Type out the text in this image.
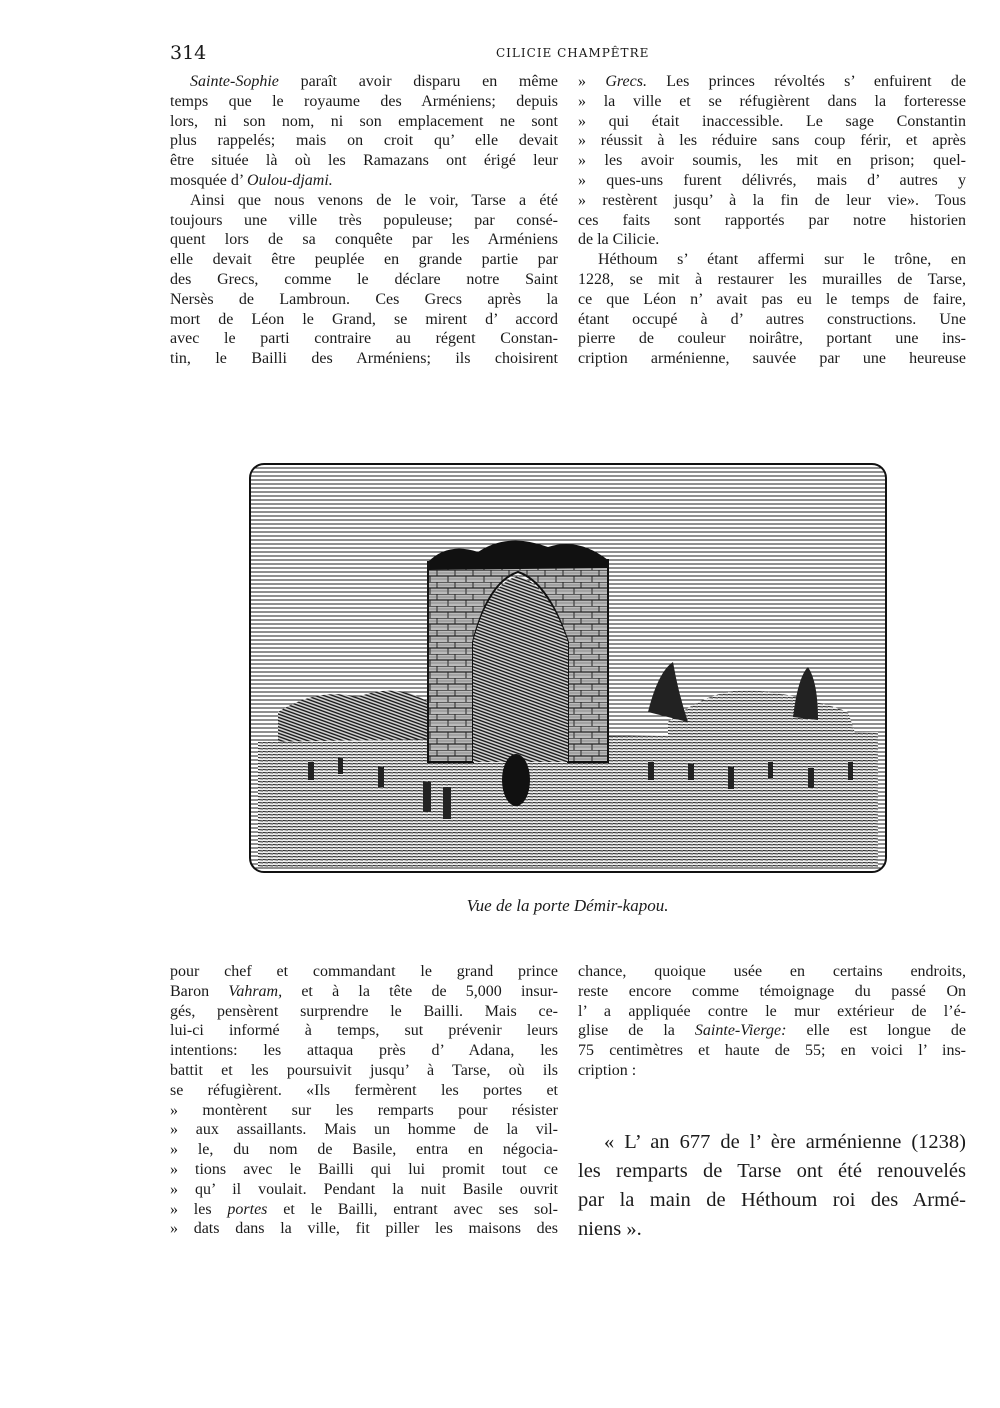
314	CILICIE CHAMPÊTRE
Sainte-Sophie paraît avoir disparu en même
temps que le royaume des Arméniens; depuis
lors, ni son nom, ni son emplacement ne sont
plus rappelés; mais on croit qu’ elle devait
être située là où les Ramazans ont érigé leur
mosquée d’ Oulou-djami.
Ainsi que nous venons de le voir, Tarse a été
toujours une ville très populeuse; par consé-
quent lors de sa conquête par les Arméniens
elle devait être peuplée en grande partie par
des Grecs, comme le déclare notre Saint
Nersès de Lambroun. Ces Grecs après la
mort de Léon le Grand, se mirent d’ accord
avec le parti contraire au régent Constan-
tin, le Bailli des Arméniens; ils choisirent
» Grecs. Les princes révoltés s’ enfuirent de
» la ville et se réfugièrent dans la forteresse
» qui était inaccessible. Le sage Constantin
» réussit à les réduire sans coup férir, et après
» les avoir soumis, les mit en prison; quel-
» ques-uns furent délivrés, mais d’ autres y
» restèrent jusqu’ à la fin de leur vie». Tous
ces faits sont rapportés par notre historien
de la Cilicie.
Héthoum s’ étant affermi sur le trône, en
1228, se mit à restaurer les murailles de Tarse,
ce que Léon n’ avait pas eu le temps de faire,
étant occupé à d’ autres constructions. Une
pierre de couleur noirâtre, portant une ins-
cription arménienne, sauvée par une heureuse
Vue de la porte Démir-kapou.
pour chef et commandant le grand prince
Baron Vahram, et à la tête de 5,000 insur-
gés, pensèrent surprendre le Bailli. Mais ce-
lui-ci informé à temps, sut prévenir leurs
intentions: les attaqua près d’ Adana, les
battit et les poursuivit jusqu’ à Tarse, où ils
se réfugièrent. «Ils fermèrent les portes et
» montèrent sur les remparts pour résister
» aux assaillants. Mais un homme de la vil-
» le, du nom de Basile, entra en négocia-
» tions avec le Bailli qui lui promit tout ce
» qu’ il voulait. Pendant la nuit Basile ouvrit
» les portes et le Bailli, entrant avec ses sol-
» dats dans la ville, fit piller les maisons des
chance, quoique usée en certains endroits,
reste encore comme témoignage du passé On
l’ a appliquée contre le mur extérieur de l’é-
glise de la Sainte-Vierge: elle est longue de
75 centimètres et haute de 55; en voici l’ ins-
cription :
« L’ an 677 de l’ ère arménienne (1238)
les remparts de Tarse ont été renouvelés
par la main de Héthoum roi des Armé-
niens ».
